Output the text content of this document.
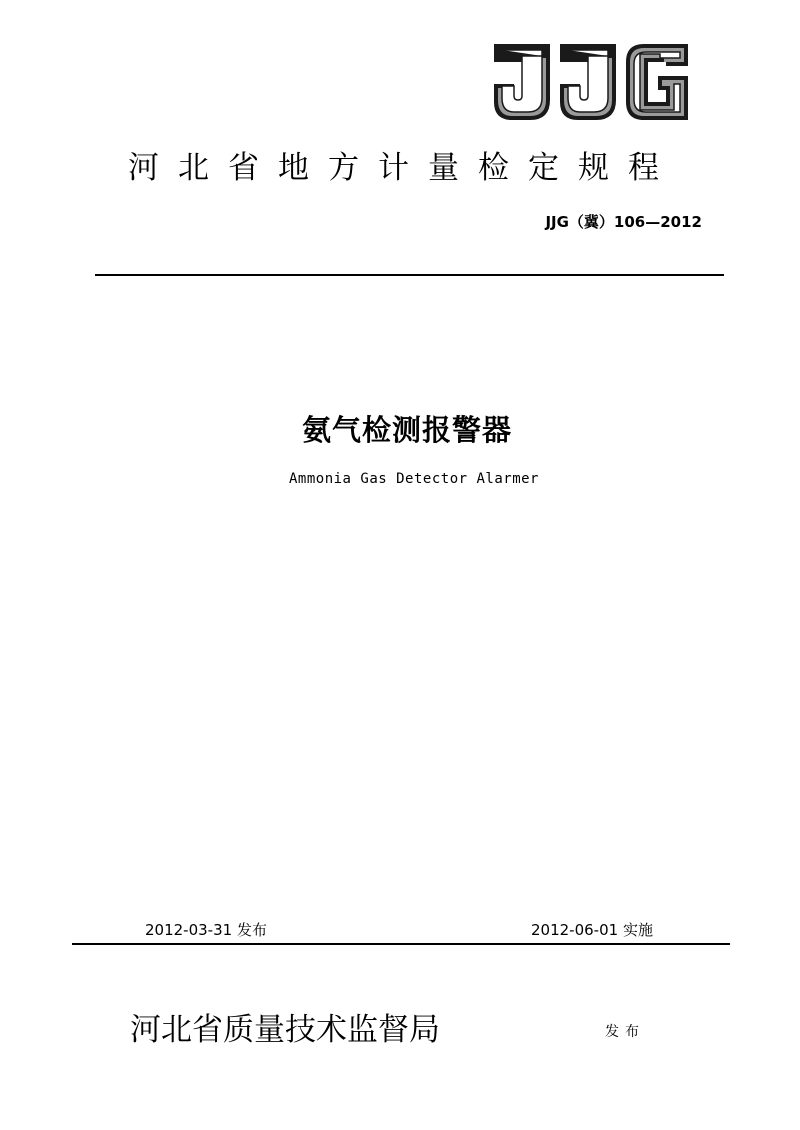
河北省地方计量检定规程
JJG（冀）106—2012
氨气检测报警器
Ammonia Gas Detector Alarmer
2012-03-31 发布	2012-06-01 实施
河北省质量技术监督局	发布
